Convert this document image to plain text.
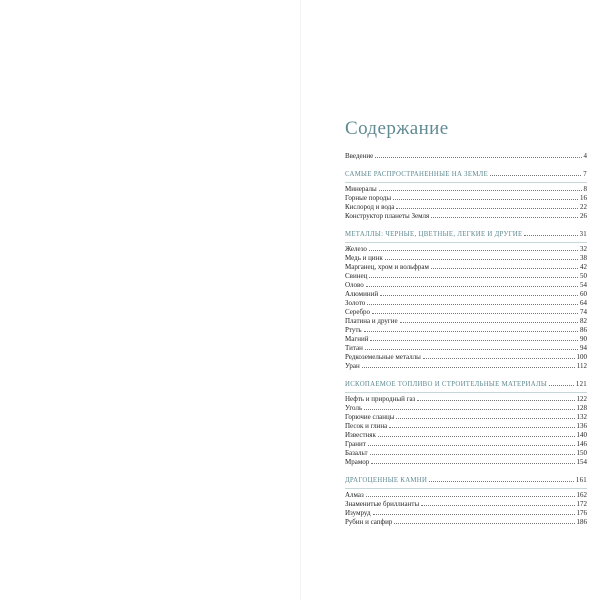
Содержание
Введение	4
САМЫЕ РАСПРОСТРАНЕННЫЕ НА ЗЕМЛЕ	7
Минералы	8
Горные породы	16
Кислород и вода	22
Конструктор планеты Земля	26
МЕТАЛЛЫ: ЧЕРНЫЕ, ЦВЕТНЫЕ, ЛЕГКИЕ И ДРУГИЕ	31
Железо	32
Медь и цинк	38
Марганец, хром и вольфрам	42
Свинец	50
Олово	54
Алюминий	60
Золото	64
Серебро	74
Платина и другие	82
Ртуть	86
Магний	90
Титан	94
Редкоземельные металлы	100
Уран	112
ИСКОПАЕМОЕ ТОПЛИВО И СТРОИТЕЛЬНЫЕ МАТЕРИАЛЫ	121
Нефть и природный газ	122
Уголь	128
Горючие сланцы	132
Песок и глина	136
Известняк	140
Гранит	146
Базальт	150
Мрамор	154
ДРАГОЦЕННЫЕ КАМНИ	161
Алмаз	162
Знаменитые бриллианты	172
Изумруд	176
Рубин и сапфир	186
